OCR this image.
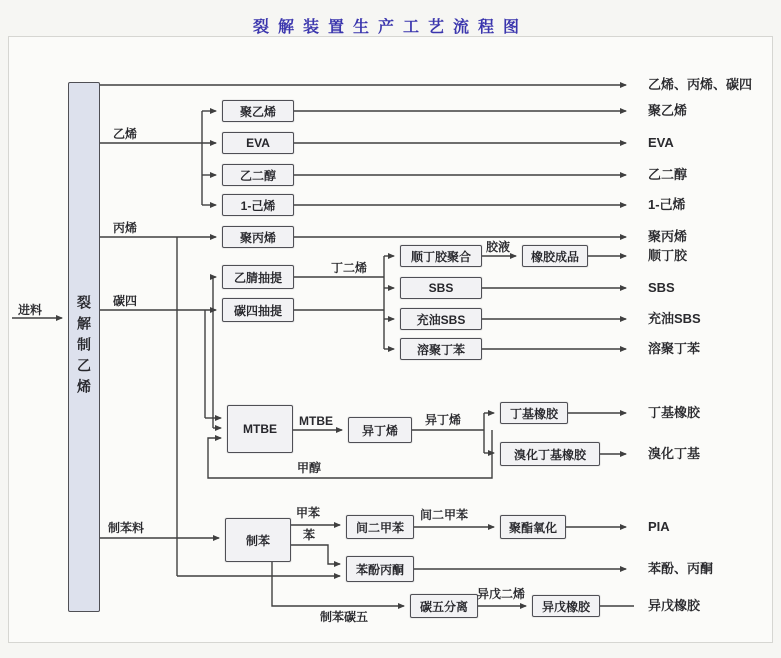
裂解装置生产工艺流程图
进料 裂解制乙烯
聚乙烯
EVA
乙二醇
1-己烯
聚丙烯
乙腈抽提
碳四抽提
顺丁胶聚合	橡胶成品
SBS
充油SBS
溶聚丁苯
MTBE	异丁烯
丁基橡胶
溴化丁基橡胶
制苯
间二甲苯	聚酯氧化
苯酚丙酮
碳五分离	异戊橡胶
乙烯
丙烯
碳四
丁二烯
胶液
MTBE	异丁烯
甲醇
制苯料
甲苯
苯
间二甲苯
制苯碳五
异戊二烯
乙烯、丙烯、碳四
聚乙烯
EVA
乙二醇
1-己烯
聚丙烯
顺丁胶
SBS
充油SBS
溶聚丁苯
丁基橡胶
溴化丁基
PIA
苯酚、丙酮
异戊橡胶
